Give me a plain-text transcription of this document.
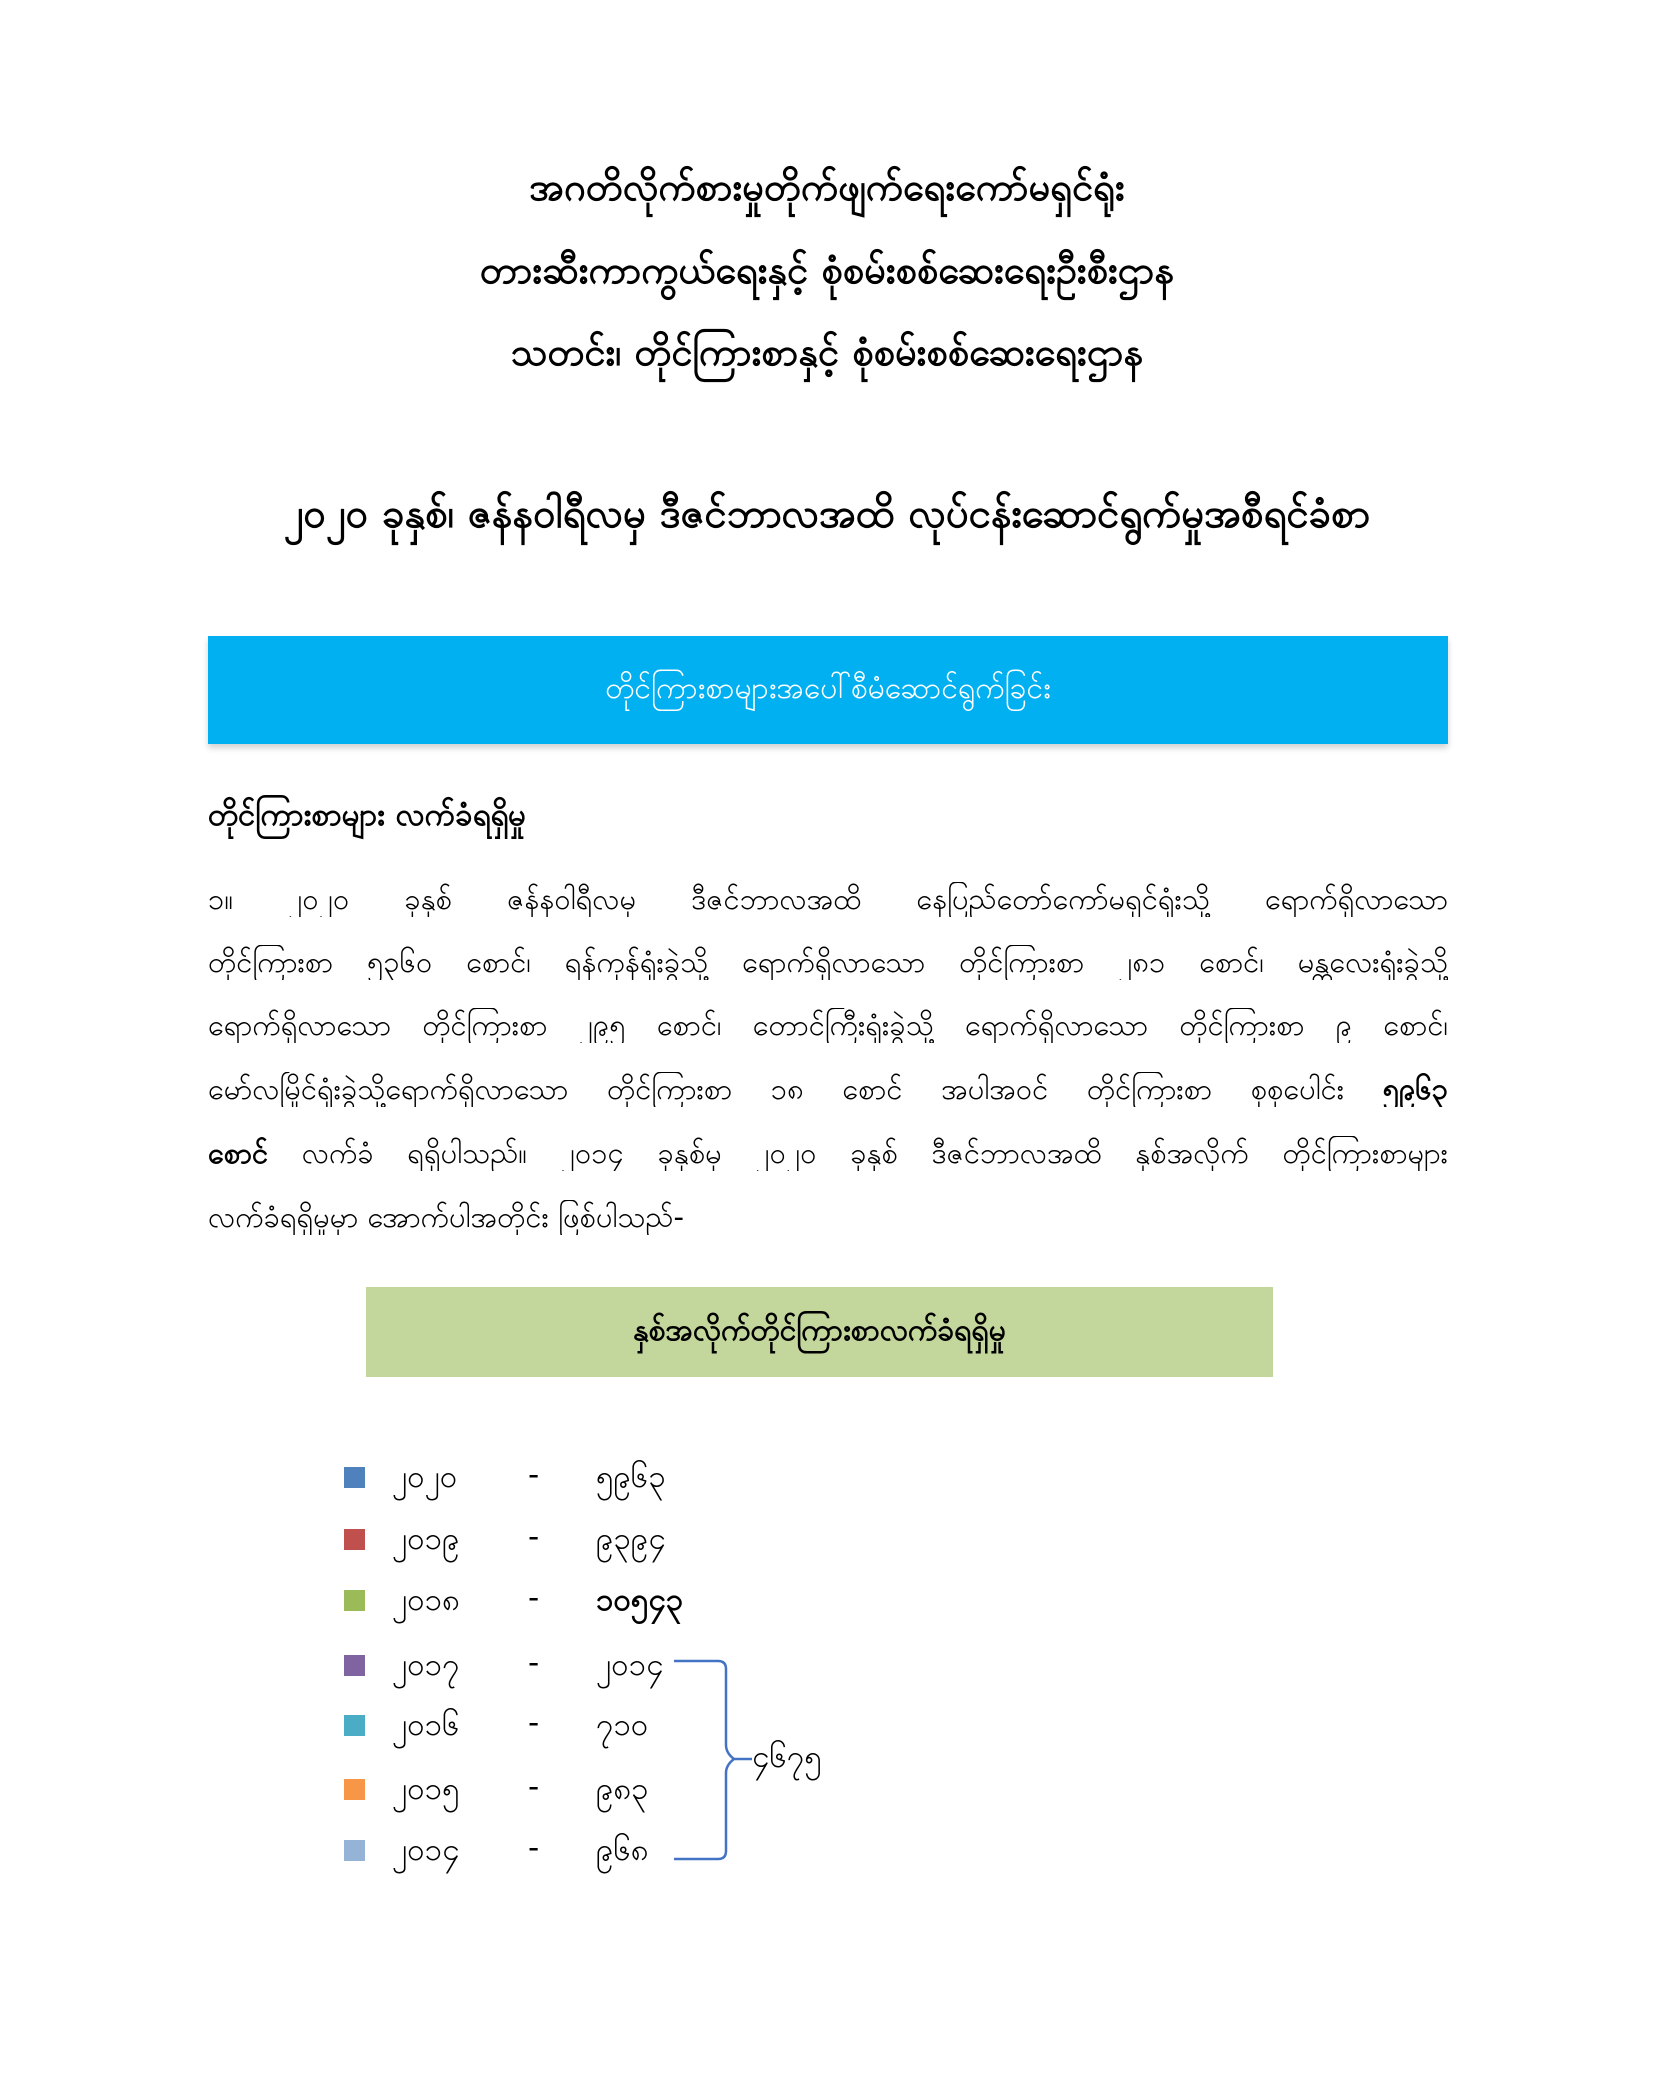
အဂတိလိုက်စားမှုတိုက်ဖျက်ရေးကော်မရှင်ရုံး
တားဆီးကာကွယ်ရေးနှင့် စုံစမ်းစစ်ဆေးရေးဦးစီးဌာန
သတင်း၊ တိုင်ကြားစာနှင့် စုံစမ်းစစ်ဆေးရေးဌာန
၂၀၂၀ ခုနှစ်၊ ဇန်နဝါရီလမှ ဒီဇင်ဘာလအထိ လုပ်ငန်းဆောင်ရွက်မှုအစီရင်ခံစာ
တိုင်ကြားစာများအပေါ်စီမံဆောင်ရွက်ခြင်း
တိုင်ကြားစာများ လက်ခံရရှိမှု
၁။ ၂၀၂၀ ခုနှစ် ဇန်နဝါရီလမှ ဒီဇင်ဘာလအထိ နေပြည်တော်ကော်မရှင်ရုံးသို့ ရောက်ရှိလာသော
တိုင်ကြားစာ ၅၃၆၀ စောင်၊ ရန်ကုန်ရုံးခွဲသို့ ရောက်ရှိလာသော တိုင်ကြားစာ ၂၈၁ စောင်၊ မန္တလေးရုံးခွဲသို့
ရောက်ရှိလာသော တိုင်ကြားစာ ၂၉၅ စောင်၊ တောင်ကြီးရုံးခွဲသို့ ရောက်ရှိလာသော တိုင်ကြားစာ ၉ စောင်၊
မော်လမြိုင်ရုံးခွဲသို့ရောက်ရှိလာသော တိုင်ကြားစာ ၁၈ စောင် အပါအဝင် တိုင်ကြားစာ စုစုပေါင်း ၅၉၆၃
စောင် လက်ခံ ရရှိပါသည်။ ၂၀၁၄ ခုနှစ်မှ ၂၀၂၀ ခုနှစ် ဒီဇင်ဘာလအထိ နှစ်အလိုက် တိုင်ကြားစာများ
လက်ခံရရှိမှုမှာ အောက်ပါအတိုင်း ဖြစ်ပါသည်-
နှစ်အလိုက်တိုင်ကြားစာလက်ခံရရှိမှု
၂၀၂၀ - ၅၉၆၃
၂၀၁၉ - ၉၃၉၄
၂၀၁၈ - ၁၀၅၄၃
၂၀၁၇ - ၂၀၁၄
၂၀၁၆ - ၇၁၀
၂၀၁၅ - ၉၈၃
၂၀၁၄ - ၉၆၈
၄၆၇၅
